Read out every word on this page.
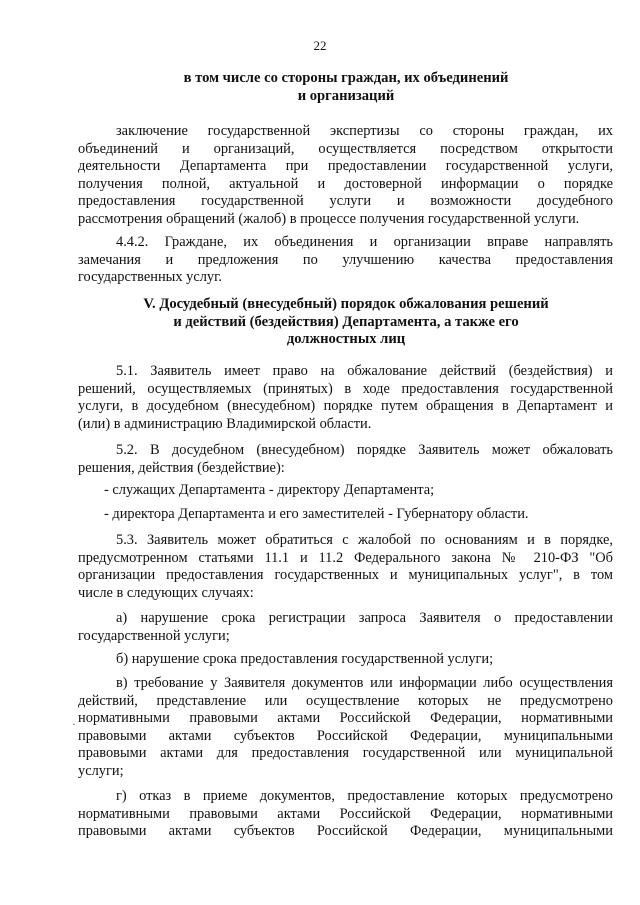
22
в том числе со стороны граждан, их объединений
и организаций

заключение государственной экспертизы со стороны граждан, их
объединений и организаций, осуществляется посредством открытости
деятельности Департамента при предоставлении государственной услуги,
получения полной, актуальной и достоверной информации о порядке
предоставления государственной услуги и возможности досудебного
рассмотрения обращений (жалоб) в процессе получения государственной услуги.

4.4.2. Граждане, их объединения и организации вправе направлять
замечания и предложения по улучшению качества предоставления
государственных услуг.

V. Досудебный (внесудебный) порядок обжалования решений
и действий (бездействия) Департамента, а также его
должностных лиц

5.1. Заявитель имеет право на обжалование действий (бездействия) и
решений, осуществляемых (принятых) в ходе предоставления государственной
услуги, в досудебном (внесудебном) порядке путем обращения в Департамент и
(или) в администрацию Владимирской области.

5.2. В досудебном (внесудебном) порядке Заявитель может обжаловать
решения, действия (бездействие):

- служащих Департамента - директору Департамента;

- директора Департамента и его заместителей - Губернатору области.

5.3. Заявитель может обратиться с жалобой по основаниям и в порядке,
предусмотренном статьями 11.1 и 11.2 Федерального закона № 210-ФЗ "Об
организации предоставления государственных и муниципальных услуг", в том
числе в следующих случаях:

а) нарушение срока регистрации запроса Заявителя о предоставлении
государственной услуги;

б) нарушение срока предоставления государственной услуги;

в) требование у Заявителя документов или информации либо осуществления
действий, представление или осуществление которых не предусмотрено
нормативными правовыми актами Российской Федерации, нормативными
правовыми актами субъектов Российской Федерации, муниципальными
правовыми актами для предоставления государственной или муниципальной
услуги;

г) отказ в приеме документов, предоставление которых предусмотрено
нормативными правовыми актами Российской Федерации, нормативными
правовыми актами субъектов Российской Федерации, муниципальными

·
